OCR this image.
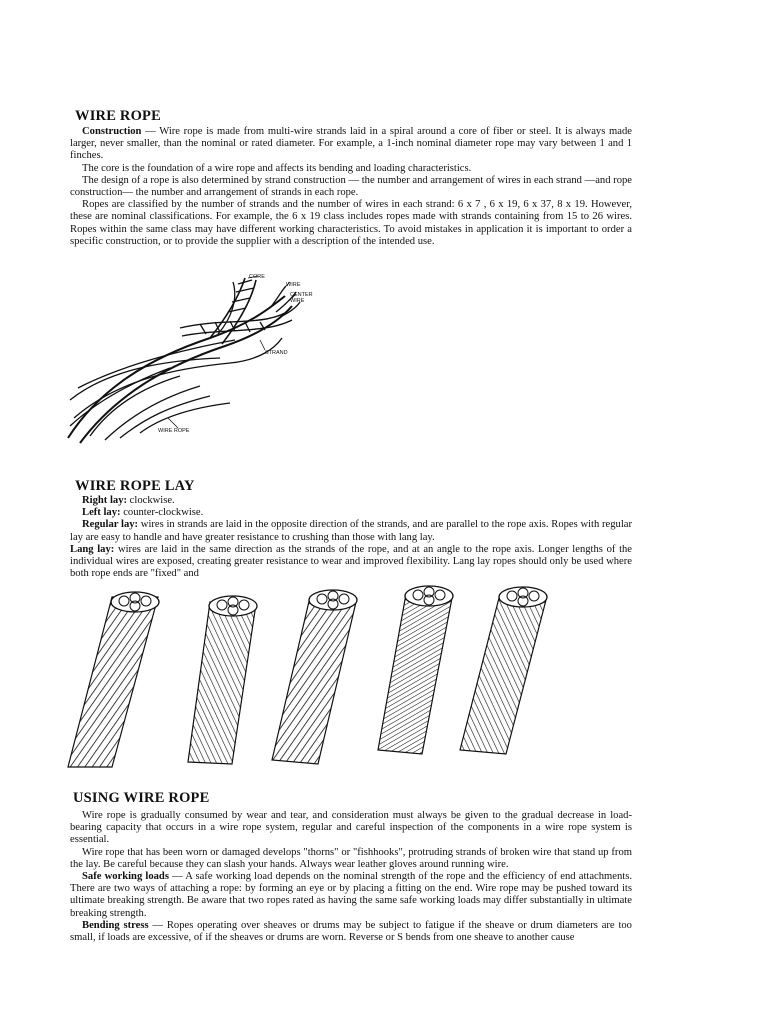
WIRE ROPE

Construction — Wire rope is made from multi-wire strands laid in a spiral around a core of fiber or steel. It is always made larger, never smaller, than the nominal or rated diameter. For example, a 1-inch nominal diameter rope may vary between 1 and 1 finches.

The core is the foundation of a wire rope and affects its bending and loading characteristics.

The design of a rope is also determined by strand construction — the number and arrangement of wires in each strand —and rope construction— the number and arrangement of strands in each rope.

Ropes are classified by the number of strands and the number of wires in each strand: 6 x 7 , 6 x 19, 6 x 37, 8 x 19. However, these are nominal classifications. For example, the 6 x 19 class includes ropes made with strands containing from 15 to 26 wires. Ropes within the same class may have different working characteristics. To avoid mistakes in application it is important to order a specific construction, or to provide the supplier with a description of the intended use.

CORE
WIRE
CENTER
WIRE
STRAND
WIRE ROPE
WIRE ROPE LAY

Right lay: clockwise.

Left lay: counter-clockwise.

Regular lay: wires in strands are laid in the opposite direction of the strands, and are parallel to the rope axis. Ropes with regular lay are easy to handle and have greater resistance to crushing than those with lang lay.

Lang lay: wires are laid in the same direction as the strands of the rope, and at an angle to the rope axis. Longer lengths of the individual wires are exposed, creating greater resistance to wear and improved flexibility. Lang lay ropes should only be used where both rope ends are "fixed" and

USING WIRE ROPE

Wire rope is gradually consumed by wear and tear, and consideration must always be given to the gradual decrease in load-bearing capacity that occurs in a wire rope system, regular and careful inspection of the components in a wire rope system is essential.

Wire rope that has been worn or damaged develops "thorns" or "fishhooks", protruding strands of broken wire that stand up from the lay. Be careful because they can slash your hands. Always wear leather gloves around running wire.

Safe working loads — A safe working load depends on the nominal strength of the rope and the efficiency of end attachments. There are two ways of attaching a rope: by forming an eye or by placing a fitting on the end. Wire rope may be pushed toward its ultimate breaking strength. Be aware that two ropes rated as having the same safe working loads may differ substantially in ultimate breaking strength.

Bending stress — Ropes operating over sheaves or drums may be subject to fatigue if the sheave or drum diameters are too small, if loads are excessive, of if the sheaves or drums are worn. Reverse or S bends from one sheave to another cause
